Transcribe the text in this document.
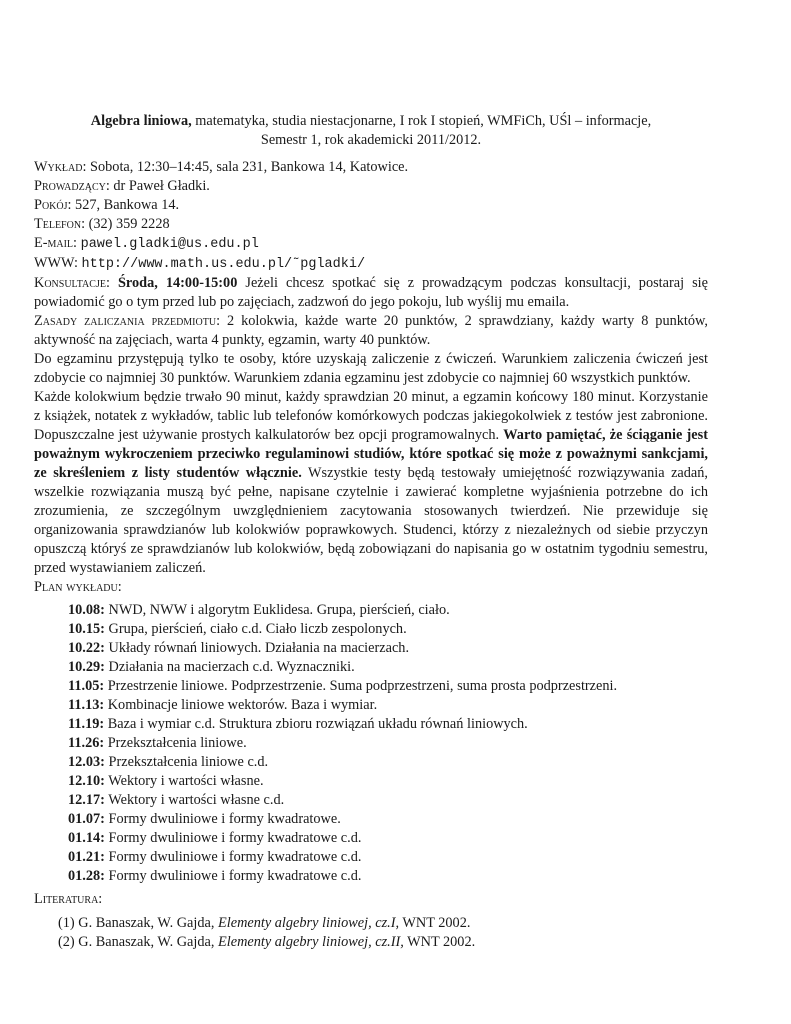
Algebra liniowa, matematyka, studia niestacjonarne, I rok I stopień, WMFiCh, UŚl – informacje,
Semestr 1, rok akademicki 2011/2012.
Wykład: Sobota, 12:30–14:45, sala 231, Bankowa 14, Katowice.
Prowadzący: dr Paweł Gładki.
Pokój: 527, Bankowa 14.
Telefon: (32) 359 2228
E-mail: pawel.gladki@us.edu.pl
WWW: http://www.math.us.edu.pl/˜pgladki/

Konsultacje: Środa, 14:00-15:00 Jeżeli chcesz spotkać się z prowadzącym podczas konsultacji, postaraj się powiadomić go o tym przed lub po zajęciach, zadzwoń do jego pokoju, lub wyślij mu emaila.

Zasady zaliczania przedmiotu: 2 kolokwia, każde warte 20 punktów, 2 sprawdziany, każdy warty 8 punktów, aktywność na zajęciach, warta 4 punkty, egzamin, warty 40 punktów.

Do egzaminu przystępują tylko te osoby, które uzyskają zaliczenie z ćwiczeń. Warunkiem zaliczenia ćwiczeń jest zdobycie co najmniej 30 punktów. Warunkiem zdania egzaminu jest zdobycie co najmniej 60 wszystkich punktów.

Każde kolokwium będzie trwało 90 minut, każdy sprawdzian 20 minut, a egzamin końcowy 180 minut. Korzystanie z książek, notatek z wykładów, tablic lub telefonów komórkowych podczas jakiegokolwiek z testów jest zabronione. Dopuszczalne jest używanie prostych kalkulatorów bez opcji programowalnych. Warto pamiętać, że ściąganie jest poważnym wykroczeniem przeciwko regulaminowi studiów, które spotkać się może z poważnymi sankcjami, ze skreśleniem z listy studentów włącznie. Wszystkie testy będą testowały umiejętność rozwiązywania zadań, wszelkie rozwiązania muszą być pełne, napisane czytelnie i zawierać kompletne wyjaśnienia potrzebne do ich zrozumienia, ze szczególnym uwzględnieniem zacytowania stosowanych twierdzeń. Nie przewiduje się organizowania sprawdzianów lub kolokwiów poprawkowych. Studenci, którzy z niezależnych od siebie przyczyn opuszczą któryś ze sprawdzianów lub kolokwiów, będą zobowiązani do napisania go w ostatnim tygodniu semestru, przed wystawianiem zaliczeń.

Plan wykładu:
10.08: NWD, NWW i algorytm Euklidesa. Grupa, pierścień, ciało.
10.15: Grupa, pierścień, ciało c.d. Ciało liczb zespolonych.
10.22: Układy równań liniowych. Działania na macierzach.
10.29: Działania na macierzach c.d. Wyznaczniki.
11.05: Przestrzenie liniowe. Podprzestrzenie. Suma podprzestrzeni, suma prosta podprzestrzeni.
11.13: Kombinacje liniowe wektorów. Baza i wymiar.
11.19: Baza i wymiar c.d. Struktura zbioru rozwiązań układu równań liniowych.
11.26: Przekształcenia liniowe.
12.03: Przekształcenia liniowe c.d.
12.10: Wektory i wartości własne.
12.17: Wektory i wartości własne c.d.
01.07: Formy dwuliniowe i formy kwadratowe.
01.14: Formy dwuliniowe i formy kwadratowe c.d.
01.21: Formy dwuliniowe i formy kwadratowe c.d.
01.28: Formy dwuliniowe i formy kwadratowe c.d.
Literatura:
(1) G. Banaszak, W. Gajda, Elementy algebry liniowej, cz.I, WNT 2002.
(2) G. Banaszak, W. Gajda, Elementy algebry liniowej, cz.II, WNT 2002.
